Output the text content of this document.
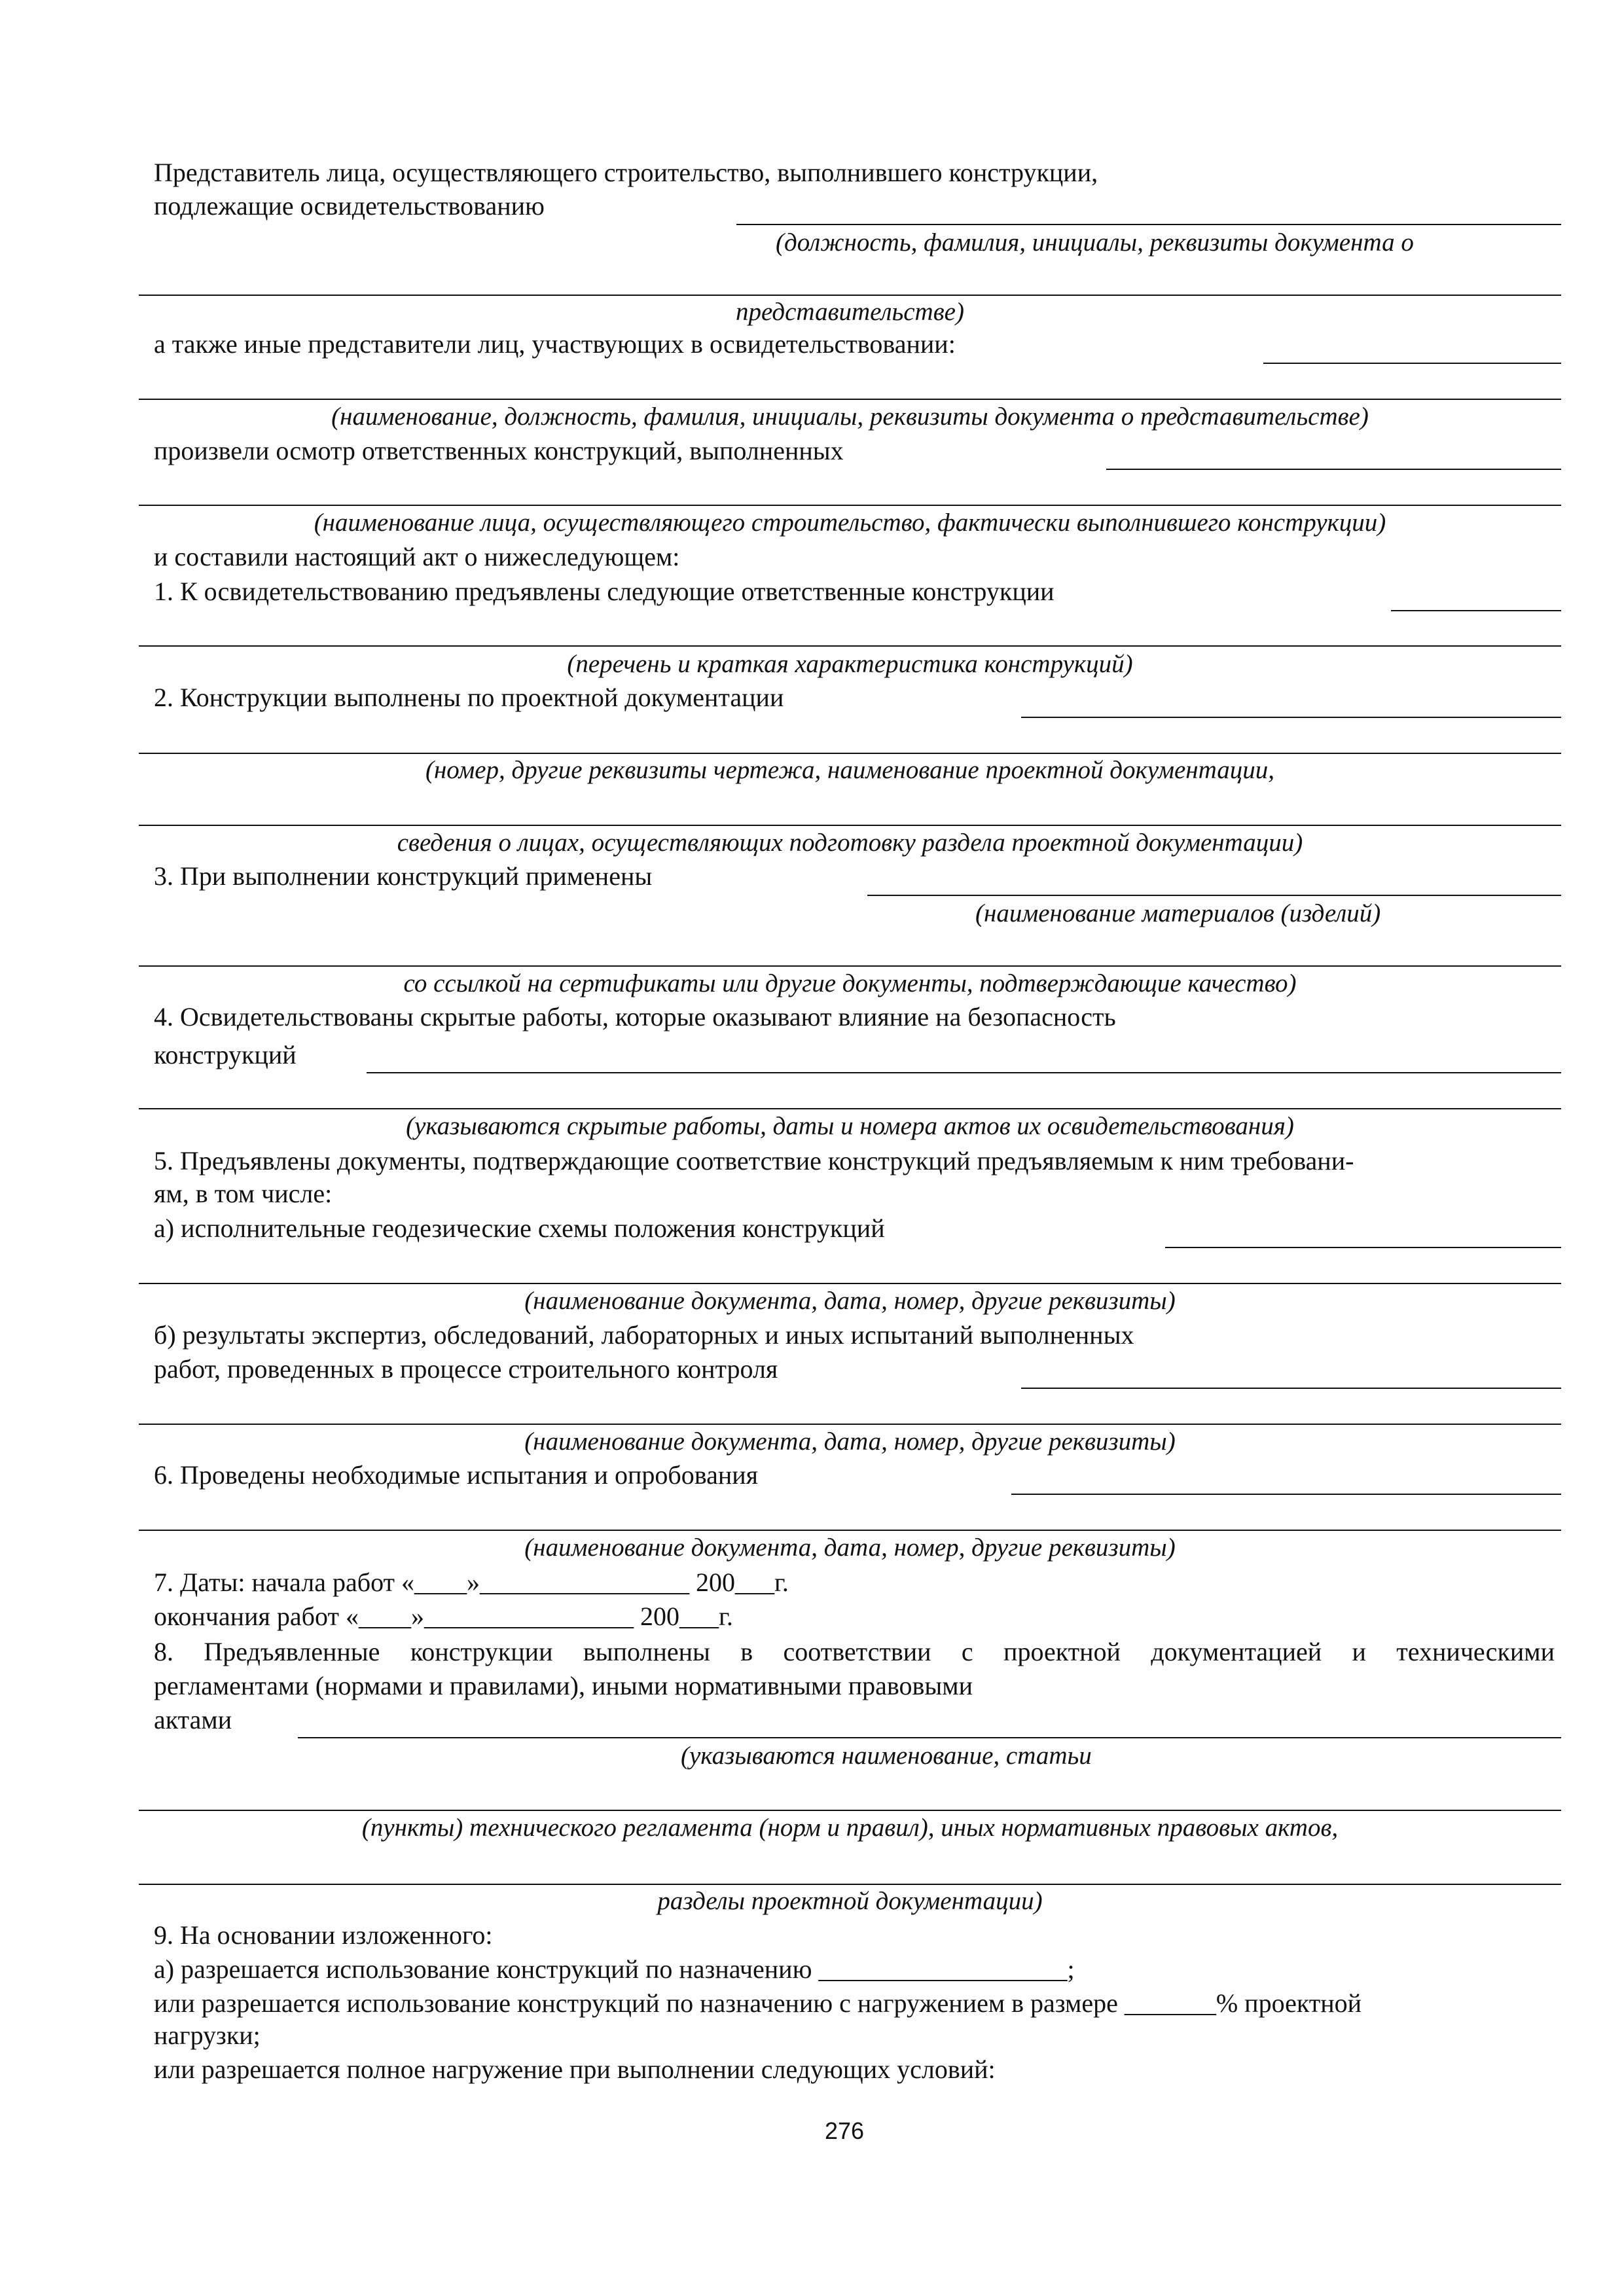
Представитель лица, осуществляющего строительство, выполнившего конструкции,
подлежащие освидетельствованию
(должность, фамилия, инициалы, реквизиты документа о
представительстве)
а также иные представители лиц, участвующих в освидетельствовании:
(наименование, должность, фамилия, инициалы, реквизиты документа о представительстве)
произвели осмотр ответственных конструкций, выполненных
(наименование лица, осуществляющего строительство, фактически выполнившего конструкции)
и составили настоящий акт о нижеследующем:
1. К освидетельствованию предъявлены следующие ответственные конструкции
(перечень и краткая характеристика конструкций)
2. Конструкции выполнены по проектной документации
(номер, другие реквизиты чертежа, наименование проектной документации,
сведения о лицах, осуществляющих подготовку раздела проектной документации)
3. При выполнении конструкций применены
(наименование материалов (изделий)
со ссылкой на сертификаты или другие документы, подтверждающие качество)
4. Освидетельствованы скрытые работы, которые оказывают влияние на безопасность
конструкций
(указываются скрытые работы, даты и номера актов их освидетельствования)
5. Предъявлены документы, подтверждающие соответствие конструкций предъявляемым к ним требовани-
ям, в том числе:
а) исполнительные геодезические схемы положения конструкций
(наименование документа, дата, номер, другие реквизиты)
б) результаты экспертиз, обследований, лабораторных и иных испытаний выполненных
работ, проведенных в процессе строительного контроля
(наименование документа, дата, номер, другие реквизиты)
6. Проведены необходимые испытания и опробования
(наименование документа, дата, номер, другие реквизиты)
7. Даты: начала работ «____»________________ 200___г.
окончания работ «____»________________ 200___г.
8. Предъявленные конструкции выполнены в соответствии с проектной документацией и техническими
регламентами (нормами и правилами), иными нормативными правовыми
актами
(указываются наименование, статьи
(пункты) технического регламента (норм и правил), иных нормативных правовых актов,
разделы проектной документации)
9. На основании изложенного:
а) разрешается использование конструкций по назначению ___________________;
или разрешается использование конструкций по назначению с нагружением в размере _______% проектной
нагрузки;
или разрешается полное нагружение при выполнении следующих условий:
276
